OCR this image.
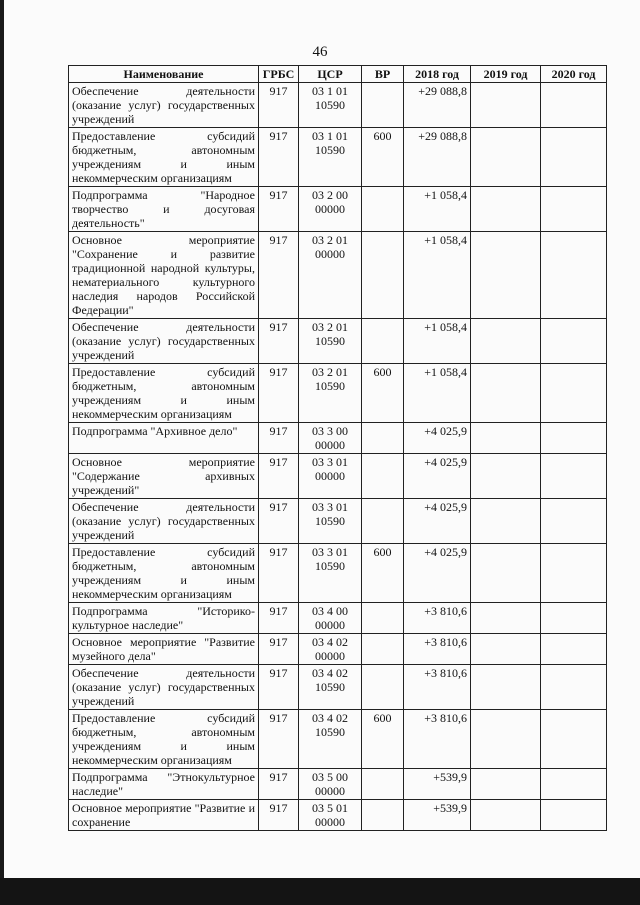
46
Наименование	ГРБС	ЦСР	ВР	2018 год	2019 год	2020 год
Обеспечение деятельности (оказание услуг) государственных учреждений	917	03 1 01 10590		+29 088,8		
Предоставление субсидий бюджетным, автономным учреждениям и иным некоммерческим организациям	917	03 1 01 10590	600	+29 088,8		
Подпрограмма "Народное творчество и досуговая деятельность"	917	03 2 00 00000		+1 058,4		
Основное мероприятие "Сохранение и развитие традиционной народной культуры, нематериального культурного наследия народов Российской Федерации"	917	03 2 01 00000		+1 058,4		
Обеспечение деятельности (оказание услуг) государственных учреждений	917	03 2 01 10590		+1 058,4		
Предоставление субсидий бюджетным, автономным учреждениям и иным некоммерческим организациям	917	03 2 01 10590	600	+1 058,4		
Подпрограмма "Архивное дело"	917	03 3 00 00000		+4 025,9		
Основное мероприятие "Содержание архивных учреждений"	917	03 3 01 00000		+4 025,9		
Обеспечение деятельности (оказание услуг) государственных учреждений	917	03 3 01 10590		+4 025,9		
Предоставление субсидий бюджетным, автономным учреждениям и иным некоммерческим организациям	917	03 3 01 10590	600	+4 025,9		
Подпрограмма "Историко-культурное наследие"	917	03 4 00 00000		+3 810,6		
Основное мероприятие "Развитие музейного дела"	917	03 4 02 00000		+3 810,6		
Обеспечение деятельности (оказание услуг) государственных учреждений	917	03 4 02 10590		+3 810,6		
Предоставление субсидий бюджетным, автономным учреждениям и иным некоммерческим организациям	917	03 4 02 10590	600	+3 810,6		
Подпрограмма "Этнокультурное наследие"	917	03 5 00 00000		+539,9		
Основное мероприятие "Развитие и сохранение	917	03 5 01 00000		+539,9		
